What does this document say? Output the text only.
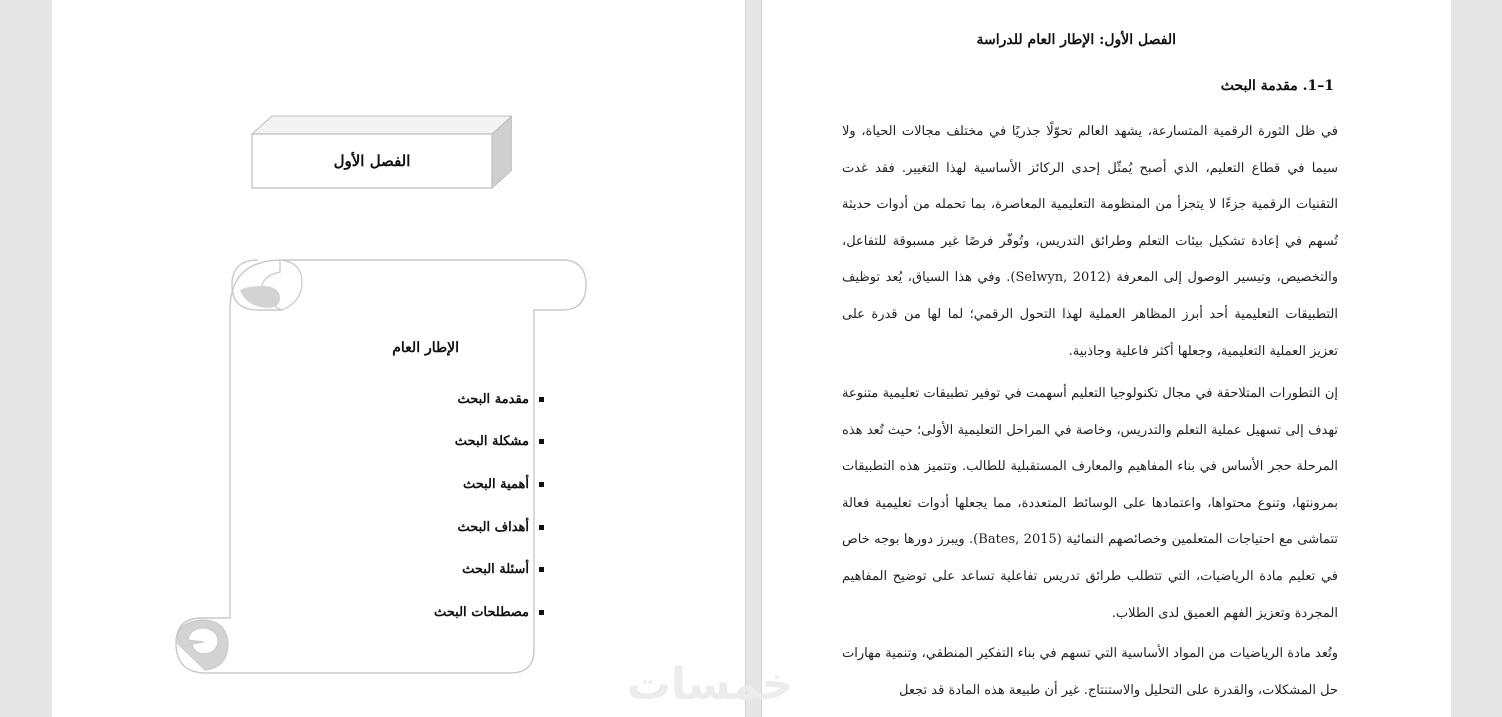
الفصل الأول
الإطار العام
مقدمة البحث
مشكلة البحث
أهمية البحث
أهداف البحث
أسئلة البحث
مصطلحات البحث
الفصل الأول: الإطار العام للدراسة
1–1. مقدمة البحث
في ظل الثورة الرقمية المتسارعة، يشهد العالم تحوّلًا جذريًا في مختلف مجالات الحياة، ولا سيما في قطاع التعليم، الذي أصبح يُمثّل إحدى الركائز الأساسية لهذا التغيير. فقد غدت التقنيات الرقمية جزءًا لا يتجزأ من المنظومة التعليمية المعاصرة، بما تحمله من أدوات حديثة تُسهم في إعادة تشكيل بيئات التعلم وطرائق التدريس، وتُوفّر فرصًا غير مسبوقة للتفاعل، والتخصيص، وتيسير الوصول إلى المعرفة (Selwyn, 2012). وفي هذا السياق، يُعد توظيف التطبيقات التعليمية أحد أبرز المظاهر العملية لهذا التحول الرقمي؛ لما لها من قدرة على تعزيز العملية التعليمية، وجعلها أكثر فاعلية وجاذبية.
إن التطورات المتلاحقة في مجال تكنولوجيا التعليم أسهمت في توفير تطبيقات تعليمية متنوعة تهدف إلى تسهيل عملية التعلم والتدريس، وخاصة في المراحل التعليمية الأولى؛ حيث تُعد هذه المرحلة حجر الأساس في بناء المفاهيم والمعارف المستقبلية للطالب. وتتميز هذه التطبيقات بمرونتها، وتنوع محتواها، واعتمادها على الوسائط المتعددة، مما يجعلها أدوات تعليمية فعالة تتماشى مع احتياجات المتعلمين وخصائصهم النمائية (Bates, 2015). ويبرز دورها بوجه خاص في تعليم مادة الرياضيات، التي تتطلب طرائق تدريس تفاعلية تساعد على توضيح المفاهيم المجردة وتعزيز الفهم العميق لدى الطلاب.
وتُعد مادة الرياضيات من المواد الأساسية التي تسهم في بناء التفكير المنطقي، وتنمية مهارات حل المشكلات، والقدرة على التحليل والاستنتاج. غير أن طبيعة هذه المادة قد تجعل
خمسات
